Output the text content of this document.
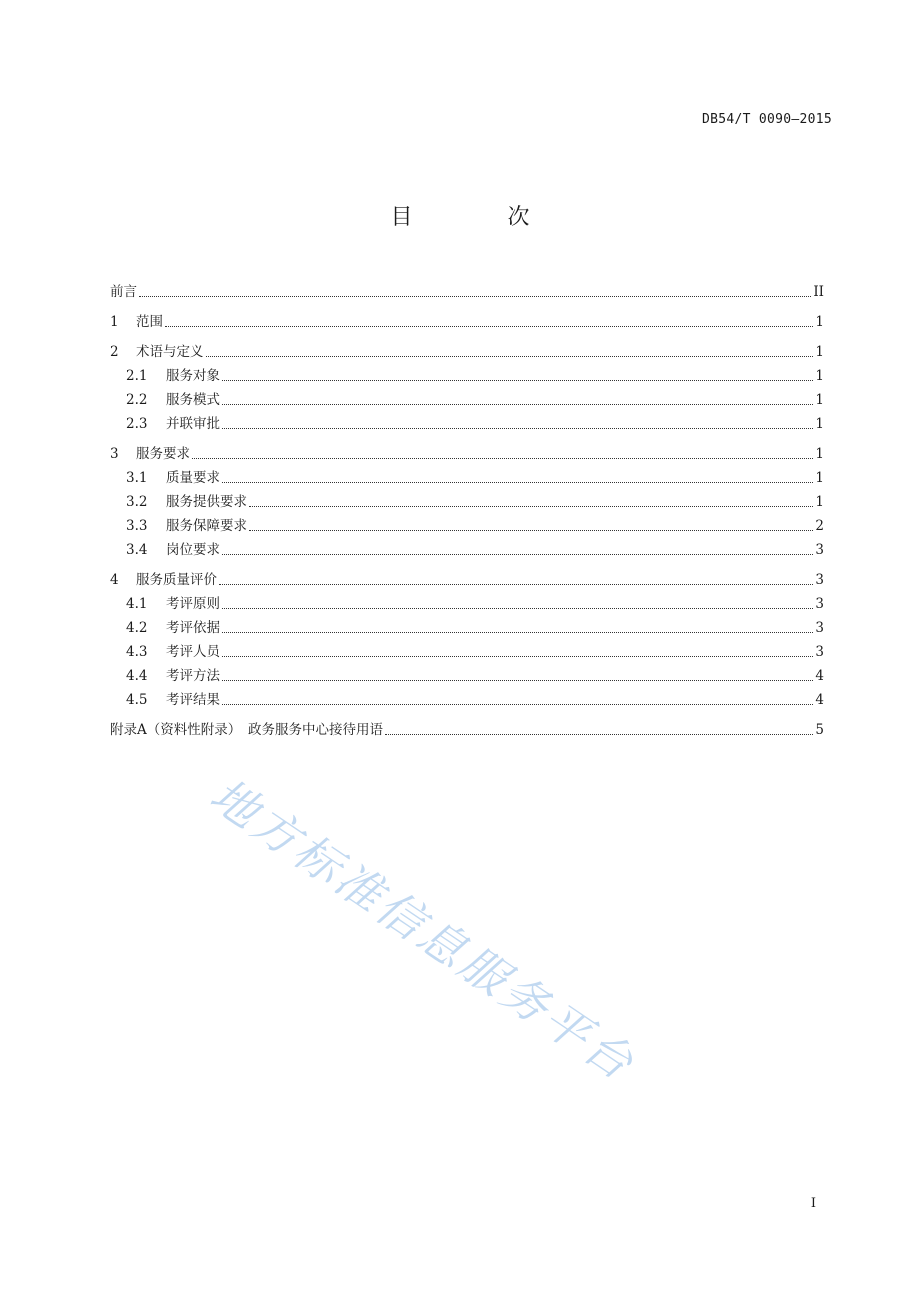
DB54/T 0090—2015
目 次
前言	II
1	范围	1
2	术语与定义	1
2.1	服务对象	1
2.2	服务模式	1
2.3	并联审批	1
3	服务要求	1
3.1	质量要求	1
3.2	服务提供要求	1
3.3	服务保障要求	2
3.4	岗位要求	3
4	服务质量评价	3
4.1	考评原则	3
4.2	考评依据	3
4.3	考评人员	3
4.4	考评方法	4
4.5	考评结果	4
附录A（资料性附录）　政务服务中心接待用语	5
地方标准信息服务平台
I
